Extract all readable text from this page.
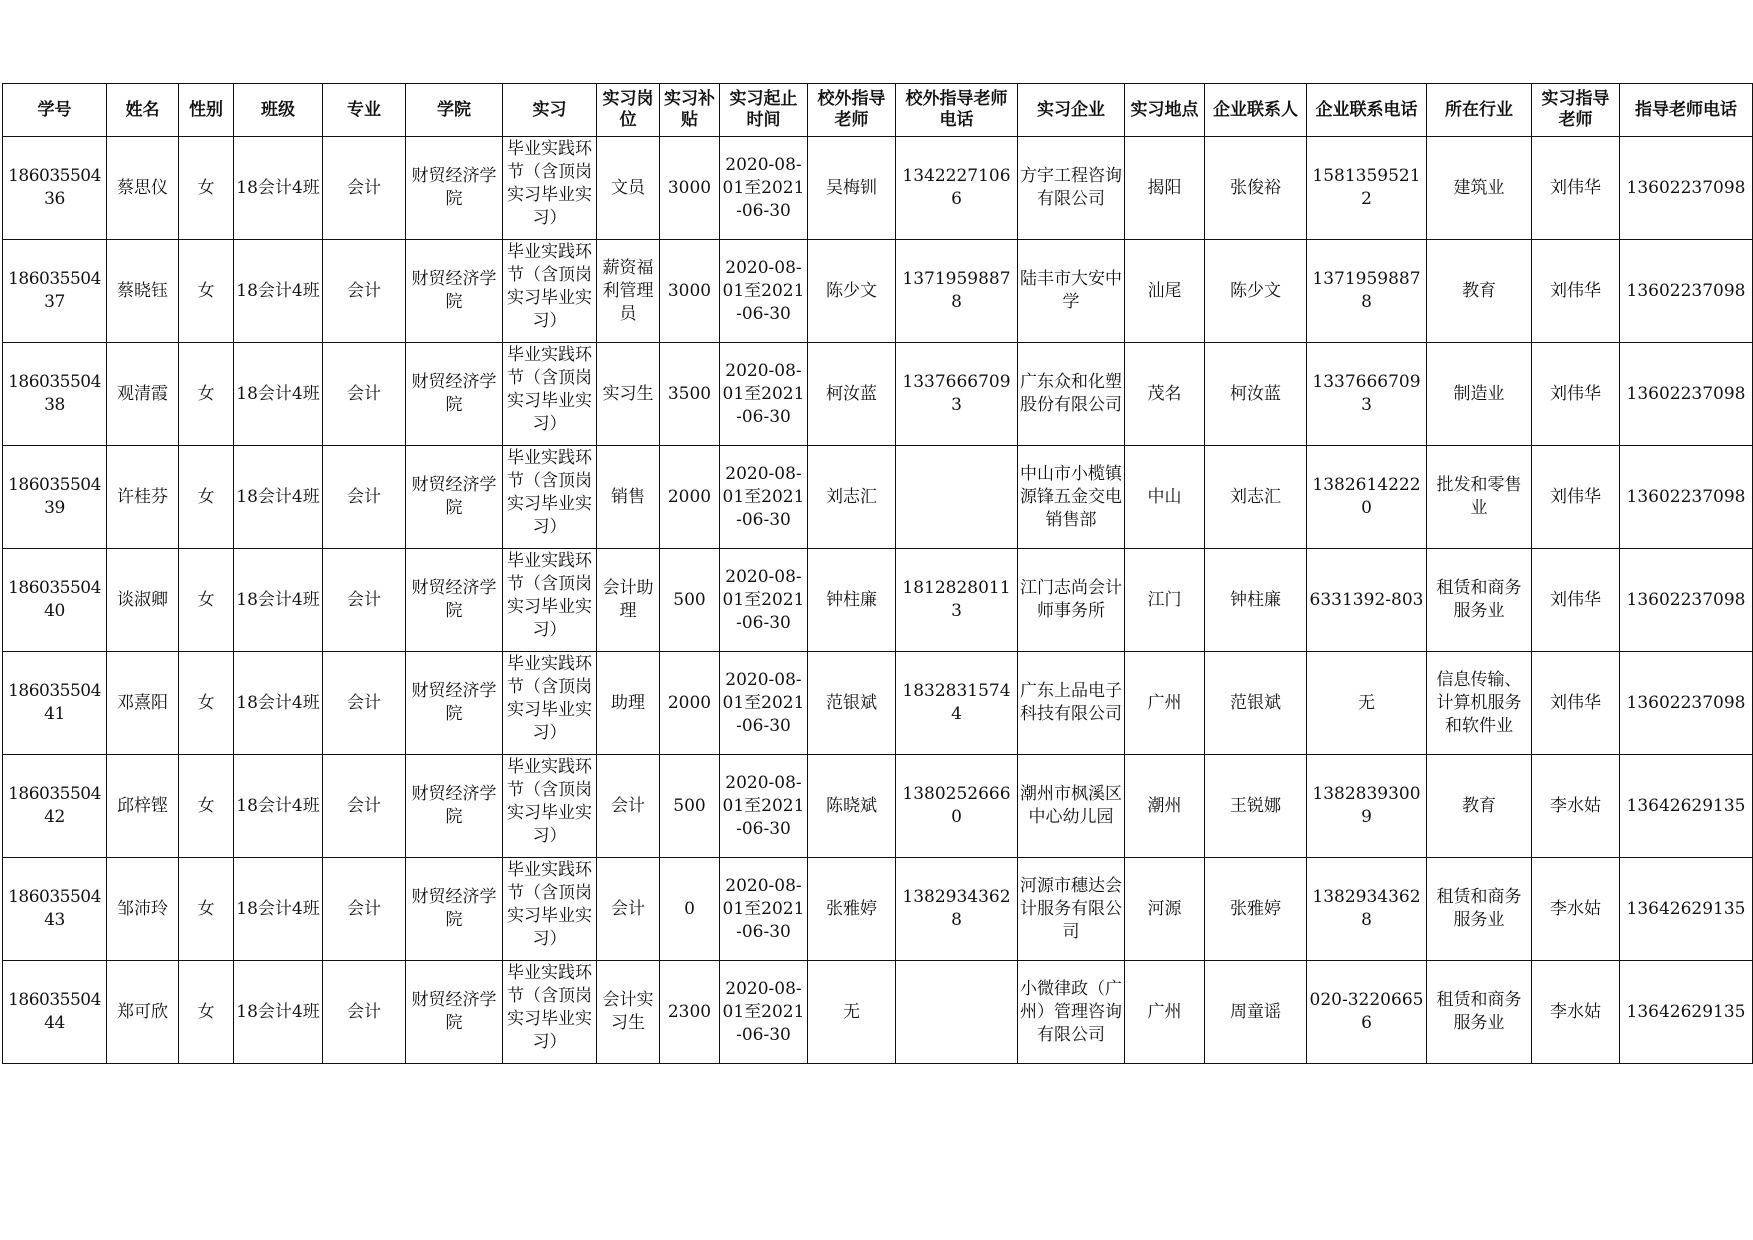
学号	姓名	性别	班级	专业	学院	实习	实习岗位	实习补贴	实习起止时间	校外指导老师	校外指导老师电话	实习企业	实习地点	企业联系人	企业联系电话	所在行业	实习指导老师	指导老师电话
18603550436	蔡思仪	女	18会计4班	会计	财贸经济学院	毕业实践环节（含顶岗实习毕业实习）	文员	3000	2020-08-01至2021-06-30	吴梅钏	13422271066	方宇工程咨询有限公司	揭阳	张俊裕	15813595212	建筑业	刘伟华	13602237098
18603550437	蔡晓钰	女	18会计4班	会计	财贸经济学院	毕业实践环节（含顶岗实习毕业实习）	薪资福利管理员	3000	2020-08-01至2021-06-30	陈少文	13719598878	陆丰市大安中学	汕尾	陈少文	13719598878	教育	刘伟华	13602237098
18603550438	观清霞	女	18会计4班	会计	财贸经济学院	毕业实践环节（含顶岗实习毕业实习）	实习生	3500	2020-08-01至2021-06-30	柯汝蓝	13376667093	广东众和化塑股份有限公司	茂名	柯汝蓝	13376667093	制造业	刘伟华	13602237098
18603550439	许桂芬	女	18会计4班	会计	财贸经济学院	毕业实践环节（含顶岗实习毕业实习）	销售	2000	2020-08-01至2021-06-30	刘志汇		中山市小榄镇源锋五金交电销售部	中山	刘志汇	13826142220	批发和零售业	刘伟华	13602237098
18603550440	谈淑卿	女	18会计4班	会计	财贸经济学院	毕业实践环节（含顶岗实习毕业实习）	会计助理	500	2020-08-01至2021-06-30	钟柱廉	18128280113	江门志尚会计师事务所	江门	钟柱廉	6331392-803	租赁和商务服务业	刘伟华	13602237098
18603550441	邓熹阳	女	18会计4班	会计	财贸经济学院	毕业实践环节（含顶岗实习毕业实习）	助理	2000	2020-08-01至2021-06-30	范银斌	18328315744	广东上品电子科技有限公司	广州	范银斌	无	信息传输、计算机服务和软件业	刘伟华	13602237098
18603550442	邱梓铿	女	18会计4班	会计	财贸经济学院	毕业实践环节（含顶岗实习毕业实习）	会计	500	2020-08-01至2021-06-30	陈晓斌	13802526660	潮州市枫溪区中心幼儿园	潮州	王锐娜	13828393009	教育	李水姑	13642629135
18603550443	邹沛玲	女	18会计4班	会计	财贸经济学院	毕业实践环节（含顶岗实习毕业实习）	会计	0	2020-08-01至2021-06-30	张雅婷	13829343628	河源市穗达会计服务有限公司	河源	张雅婷	13829343628	租赁和商务服务业	李水姑	13642629135
18603550444	郑可欣	女	18会计4班	会计	财贸经济学院	毕业实践环节（含顶岗实习毕业实习）	会计实习生	2300	2020-08-01至2021-06-30	无		小微律政（广州）管理咨询有限公司	广州	周童谣	020-32206656	租赁和商务服务业	李水姑	13642629135
